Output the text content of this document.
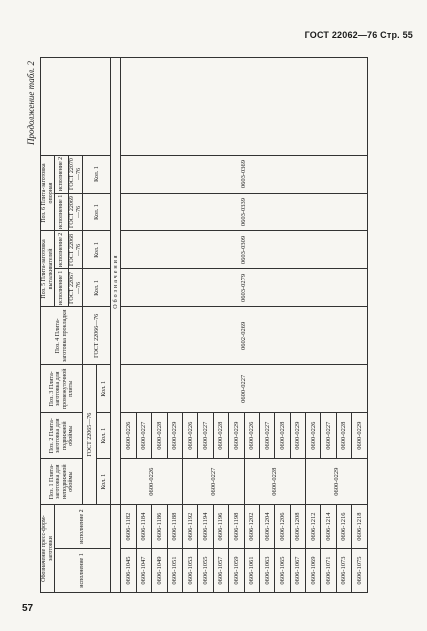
ГОСТ 22062—76 Стр. 55
57
Продолжение табл. 2
Обозначение пресс-форм-заготовки		Поз. 1 Плита-заготовка для неподвижной обоймы	Поз. 2 Плита-заготовка для подвижной обоймы	Поз. 3 Плита-заготовка для промежуточной плиты	Поз. 4 Плита-заготовка прокладки	Поз. 5 Плита-заготовка выталкивателей		Поз. 6 Плита-заготовка опорная		
исполнение 1	исполнение 2					исполнение 1	исполнение 2	исполнение 1	исполнение 2	
						ГОСТ 22067—76	ГОСТ 22068—76	ГОСТ 22069—76	ГОСТ 22070—76	
		ГОСТ 22065—76			ГОСТ 22066—76	Кол. 1	Кол. 1	Кол. 1	Кол. 1	
		Кол. 1	Кол. 1	Кол. 1						
		Обозначения								
0606-1045	0606-1182	0600-0226	0600-0226	0600-0227	0602-0269	0603-0279	0603-0309	0603-0339	0603-0369	
0606-1047	0606-1184		0600-0227							
0606-1049	0606-1186		0600-0228							
0606-1051	0606-1188		0600-0229							
0606-1053	0606-1192	0600-0227	0600-0226							
0606-1055	0606-1194		0600-0227							
0606-1057	0606-1196		0600-0228							
0606-1059	0606-1198		0600-0229							
0606-1061	0606-1202	0600-0228	0600-0226							
0606-1063	0606-1204		0600-0227							
0606-1065	0606-1206		0600-0228							
0606-1067	0606-1208		0600-0229							
0606-1069	0606-1212	0600-0229	0600-0226							
0606-1071	0606-1214		0600-0227							
0606-1073	0606-1216		0600-0228							
0606-1075	0606-1218		0600-0229							
